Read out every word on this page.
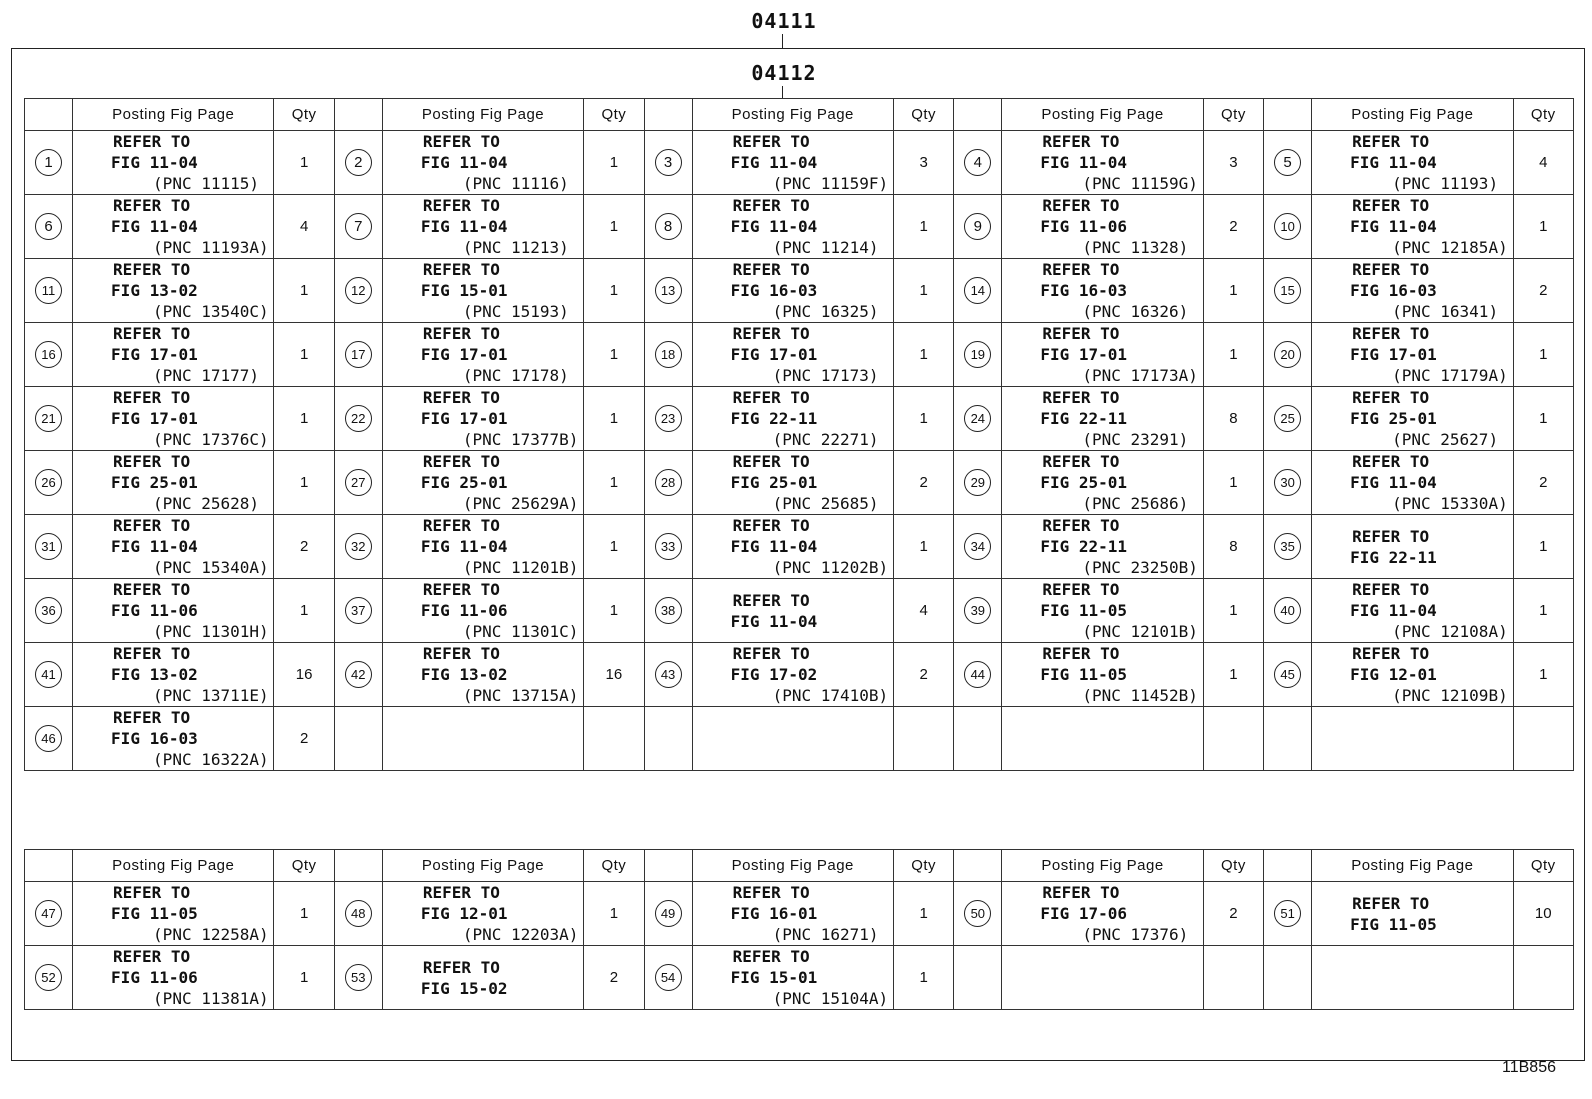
04111
04112
	Posting Fig Page	Qty		Posting Fig Page	Qty		Posting Fig Page	Qty		Posting Fig Page	Qty		Posting Fig Page	Qty
1	REFER TO
FIG 11-04
(PNC 11115)	1	2	REFER TO
FIG 11-04
(PNC 11116)	1	3	REFER TO
FIG 11-04
(PNC 11159F)	3	4	REFER TO
FIG 11-04
(PNC 11159G)	3	5	REFER TO
FIG 11-04
(PNC 11193)	4
6	REFER TO
FIG 11-04
(PNC 11193A)	4	7	REFER TO
FIG 11-04
(PNC 11213)	1	8	REFER TO
FIG 11-04
(PNC 11214)	1	9	REFER TO
FIG 11-06
(PNC 11328)	2	10	REFER TO
FIG 11-04
(PNC 12185A)	1
11	REFER TO
FIG 13-02
(PNC 13540C)	1	12	REFER TO
FIG 15-01
(PNC 15193)	1	13	REFER TO
FIG 16-03
(PNC 16325)	1	14	REFER TO
FIG 16-03
(PNC 16326)	1	15	REFER TO
FIG 16-03
(PNC 16341)	2
16	REFER TO
FIG 17-01
(PNC 17177)	1	17	REFER TO
FIG 17-01
(PNC 17178)	1	18	REFER TO
FIG 17-01
(PNC 17173)	1	19	REFER TO
FIG 17-01
(PNC 17173A)	1	20	REFER TO
FIG 17-01
(PNC 17179A)	1
21	REFER TO
FIG 17-01
(PNC 17376C)	1	22	REFER TO
FIG 17-01
(PNC 17377B)	1	23	REFER TO
FIG 22-11
(PNC 22271)	1	24	REFER TO
FIG 22-11
(PNC 23291)	8	25	REFER TO
FIG 25-01
(PNC 25627)	1
26	REFER TO
FIG 25-01
(PNC 25628)	1	27	REFER TO
FIG 25-01
(PNC 25629A)	1	28	REFER TO
FIG 25-01
(PNC 25685)	2	29	REFER TO
FIG 25-01
(PNC 25686)	1	30	REFER TO
FIG 11-04
(PNC 15330A)	2
31	REFER TO
FIG 11-04
(PNC 15340A)	2	32	REFER TO
FIG 11-04
(PNC 11201B)	1	33	REFER TO
FIG 11-04
(PNC 11202B)	1	34	REFER TO
FIG 22-11
(PNC 23250B)	8	35	REFER TO
FIG 22-11	1
36	REFER TO
FIG 11-06
(PNC 11301H)	1	37	REFER TO
FIG 11-06
(PNC 11301C)	1	38	REFER TO
FIG 11-04	4	39	REFER TO
FIG 11-05
(PNC 12101B)	1	40	REFER TO
FIG 11-04
(PNC 12108A)	1
41	REFER TO
FIG 13-02
(PNC 13711E)	16	42	REFER TO
FIG 13-02
(PNC 13715A)	16	43	REFER TO
FIG 17-02
(PNC 17410B)	2	44	REFER TO
FIG 11-05
(PNC 11452B)	1	45	REFER TO
FIG 12-01
(PNC 12109B)	1
46	REFER TO
FIG 16-03
(PNC 16322A)	2												
	Posting Fig Page	Qty		Posting Fig Page	Qty		Posting Fig Page	Qty		Posting Fig Page	Qty		Posting Fig Page	Qty
47	REFER TO
FIG 11-05
(PNC 12258A)	1	48	REFER TO
FIG 12-01
(PNC 12203A)	1	49	REFER TO
FIG 16-01
(PNC 16271)	1	50	REFER TO
FIG 17-06
(PNC 17376)	2	51	REFER TO
FIG 11-05	10
52	REFER TO
FIG 11-06
(PNC 11381A)	1	53	REFER TO
FIG 15-02	2	54	REFER TO
FIG 15-01
(PNC 15104A)	1						
11B856
